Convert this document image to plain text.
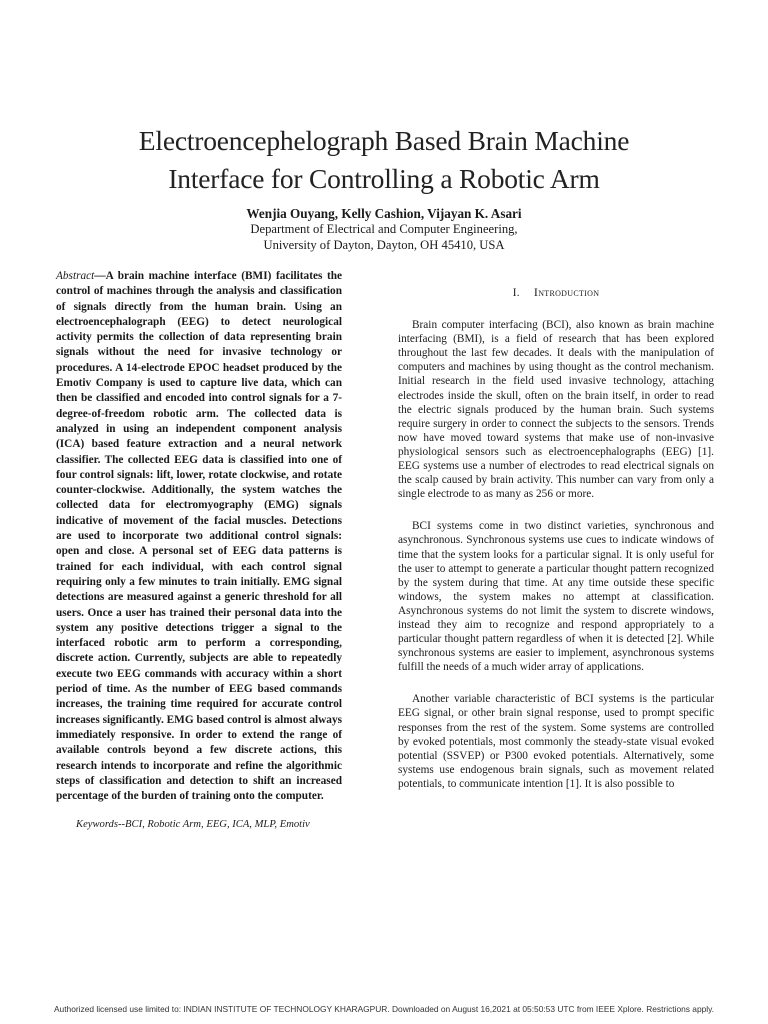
Electroencephelograph Based Brain Machine
Interface for Controlling a Robotic Arm
Wenjia Ouyang, Kelly Cashion, Vijayan K. Asari
Department of Electrical and Computer Engineering,
University of Dayton, Dayton, OH 45410, USA
Abstract—A brain machine interface (BMI) facilitates the control of machines through the analysis and classification of signals directly from the human brain. Using an electroencephalograph (EEG) to detect neurological activity permits the collection of data representing brain signals without the need for invasive technology or procedures. A 14-electrode EPOC headset produced by the Emotiv Company is used to capture live data, which can then be classified and encoded into control signals for a 7-degree-of-freedom robotic arm. The collected data is analyzed in using an independent component analysis (ICA) based feature extraction and a neural network classifier. The collected EEG data is classified into one of four control signals: lift, lower, rotate clockwise, and rotate counter-clockwise. Additionally, the system watches the collected data for electromyography (EMG) signals indicative of movement of the facial muscles. Detections are used to incorporate two additional control signals: open and close. A personal set of EEG data patterns is trained for each individual, with each control signal requiring only a few minutes to train initially. EMG signal detections are measured against a generic threshold for all users. Once a user has trained their personal data into the system any positive detections trigger a signal to the interfaced robotic arm to perform a corresponding, discrete action. Currently, subjects are able to repeatedly execute two EEG commands with accuracy within a short period of time. As the number of EEG based commands increases, the training time required for accurate control increases significantly. EMG based control is almost always immediately responsive. In order to extend the range of available controls beyond a few discrete actions, this research intends to incorporate and refine the algorithmic steps of classification and detection to shift an increased percentage of the burden of training onto the computer.
Keywords--BCI, Robotic Arm, EEG, ICA, MLP, Emotiv
I. Introduction

Brain computer interfacing (BCI), also known as brain machine interfacing (BMI), is a field of research that has been explored throughout the last few decades. It deals with the manipulation of computers and machines by using thought as the control mechanism. Initial research in the field used invasive technology, attaching electrodes inside the skull, often on the brain itself, in order to read the electric signals produced by the human brain. Such systems require surgery in order to connect the subjects to the sensors. Trends now have moved toward systems that make use of non-invasive physiological sensors such as electroencephalographs (EEG) [1]. EEG systems use a number of electrodes to read electrical signals on the scalp caused by brain activity. This number can vary from only a single electrode to as many as 256 or more.

BCI systems come in two distinct varieties, synchronous and asynchronous. Synchronous systems use cues to indicate windows of time that the system looks for a particular signal. It is only useful for the user to attempt to generate a particular thought pattern recognized by the system during that time. At any time outside these specific windows, the system makes no attempt at classification. Asynchronous systems do not limit the system to discrete windows, instead they aim to recognize and respond appropriately to a particular thought pattern regardless of when it is detected [2]. While synchronous systems are easier to implement, asynchronous systems fulfill the needs of a much wider array of applications.

Another variable characteristic of BCI systems is the particular EEG signal, or other brain signal response, used to prompt specific responses from the rest of the system. Some systems are controlled by evoked potentials, most commonly the steady-state visual evoked potential (SSVEP) or P300 evoked potentials. Alternatively, some systems use endogenous brain signals, such as movement related potentials, to communicate intention [1]. It is also possible to

Authorized licensed use limited to: INDIAN INSTITUTE OF TECHNOLOGY KHARAGPUR. Downloaded on August 16,2021 at 05:50:53 UTC from IEEE Xplore. Restrictions apply.
